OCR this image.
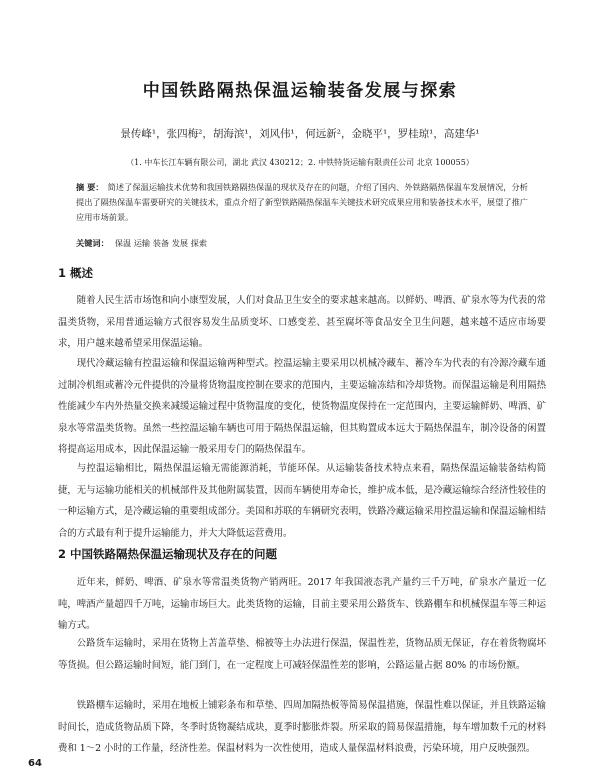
中国铁路隔热保温运输装备发展与探索
景传峰¹，张四梅²，胡海滨¹，刘风伟¹，何远新²，金晓平¹，罗桂琼¹，高建华¹
（1. 中车长江车辆有限公司，湖北 武汉 430212；2. 中铁特货运输有限责任公司 北京 100055）
摘 要： 简述了保温运输技术优势和我国铁路隔热保温的现状及存在的问题，介绍了国内、外铁路隔热保温车发展情况，分析提出了隔热保温车需要研究的关键技术，重点介绍了新型铁路隔热保温车关键技术研究成果应用和装备技术水平，展望了推广应用市场前景。
关键词： 保温 运输 装备 发展 探索
1 概述

随着人民生活市场饱和向小康型发展，人们对食品卫生安全的要求越来越高。以鲜奶、啤酒、矿泉水等为代表的常温类货物，采用普通运输方式很容易发生品质变坏、口感变差、甚至腐坏等食品安全卫生问题，越来越不适应市场要求，用户越来越希望采用保温运输。

现代冷藏运输有控温运输和保温运输两种型式。控温运输主要采用以机械冷藏车、蓄冷车为代表的有冷源冷藏车通过制冷机组或蓄冷元件提供的冷量将货物温度控制在要求的范围内，主要运输冻结和冷却货物。而保温运输是利用隔热性能减少车内外热量交换来减缓运输过程中货物温度的变化，使货物温度保持在一定范围内，主要运输鲜奶、啤酒、矿泉水等常温类货物。虽然一些控温运输车辆也可用于隔热保温运输，但其购置成本远大于隔热保温车，制冷设备的闲置将提高运用成本，因此保温运输一般采用专门的隔热保温车。

与控温运输相比，隔热保温运输无需能源消耗，节能环保。从运输装备技术特点来看，隔热保温运输装备结构简捷，无与运输功能相关的机械部件及其他附属装置，因而车辆使用寿命长，维护成本低，是冷藏运输综合经济性较佳的一种运输方式，是冷藏运输的重要组成部分。美国和苏联的车辆研究表明，铁路冷藏运输采用控温运输和保温运输相结合的方式最有利于提升运输能力，并大大降低运营费用。

2 中国铁路隔热保温运输现状及存在的问题

近年来，鲜奶、啤酒、矿泉水等常温类货物产销两旺。2017 年我国液态乳产量约三千万吨，矿泉水产量近一亿吨，啤酒产量超四千万吨，运输市场巨大。此类货物的运输，目前主要采用公路货车、铁路棚车和机械保温车等三种运输方式。

公路货车运输时，采用在货物上苫盖草垫、棉被等土办法进行保温，保温性差，货物品质无保证，存在着货物腐坏等货损。但公路运输时间短，能门到门，在一定程度上可减轻保温性差的影响，公路运量占据 80% 的市场份额。

铁路棚车运输时，采用在地板上铺彩条布和草垫、四周加隔热板等简易保温措施，保温性难以保证，并且铁路运输时间长，造成货物品质下降，冬季时货物凝结成块，夏季时膨胀炸裂。所采取的简易保温措施，每车增加数千元的材料费和 1～2 小时的工作量，经济性差。保温材料为一次性使用，造成人量保温材料浪费，污染环境，用户反映强烈。

64
